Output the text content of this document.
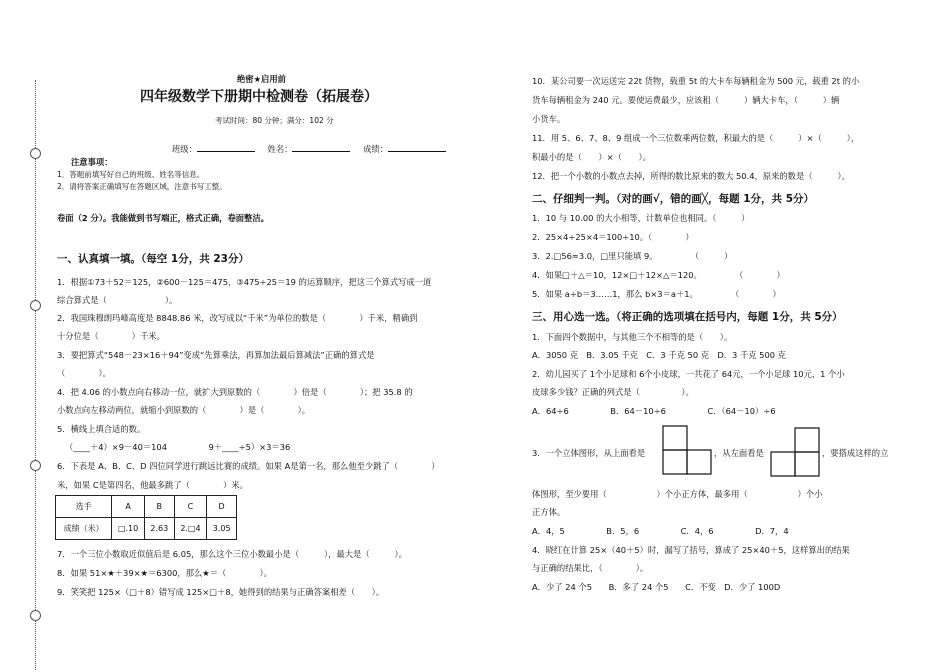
绝密★启用前
四年级数学下册期中检测卷（拓展卷）
考试时间：80 分钟；满分：102 分
班级：	姓名：	成绩：
注意事项：
1．答题前填写好自己的班级、姓名等信息。
2．请将答案正确填写在答题区域，注意书写工整。
卷面（2 分）。我能做到书写端正，格式正确，卷面整洁。
一、认真填一填。（每空 1分，共 23分）
1．根据①73＋52＝125，②600－125＝475，③475÷25＝19 的运算顺序，把这三个算式写成一道
综合算式是（　　　　　　　）。
2．我国珠穆朗玛峰高度是 8848.86 米，改写成以“千米”为单位的数是（　　　　）千米，精确到
十分位是（　　　　）千米。
3．要把算式“548－23×16＋94”变成“先算乘法，再算加法最后算减法”正确的算式是
（　　　　）。
4．把 4.06 的小数点向右移动一位，就扩大到原数的（　　　　）倍是（　　　　）；把 35.8 的
小数点向左移动两位，就缩小到原数的（　　　　）是（　　　　）。
5．横线上填合适的数。
（____＋4）×9－40＝104　　　　　9＋____÷5）×3＝36
6．下表是 A、B、C、D 四位同学进行跳远比赛的成绩。如果 A是第一名，那么他至少跳了（　　　　）
米，如果 C是第四名，他最多跳了（　　　　）米。
选手	A	B	C	D
成绩（米）	□.10	2.63	2.□4	3.05
7．一个三位小数取近似值后是 6.05，那么这个三位小数最小是（　　　），最大是（　　　）。
8．如果 51×★＋39×★＝6300，那么★＝（　　　　）。
9．笑笑把 125×（□＋8）错写成 125×□＋8，她得到的结果与正确答案相差（　　）。
10．某公司要一次运送完 22t 货物，载重 5t 的大卡车每辆租金为 500 元，载重 2t 的小
货车每辆租金为 240 元。要使运费最少，应该租（　　　）辆大卡车，（　　　）辆
小货车。
11．用 5、6、7、8、9 组成一个三位数乘两位数，积最大的是（　　　）×（　　　），
积最小的是（　　）×（　　）。
12．把一个小数的小数点去掉，所得的数比原来的数大 50.4，原来的数是（　　　）。
二、仔细判一判。（对的画√，错的画╳，每题 1分，共 5分）
1．10 与 10.00 的大小相等，计数单位也相同。（　　　）
2．25×4÷25×4＝100÷10。（　　　　）
3．2.□56≈3.0，□里只能填 9。　　　　　（　　　）
4．如果□＋△＝10，12×□＋12×△＝120。　　　　　（　　　　）
5．如果 a÷b＝3……1，那么 b×3＝a＋1。　　　　　（　　　　）
三、用心选一选。（将正确的选项填在括号内，每题 1分，共 5分）
1．下面四个数据中，与其他三个不相等的是（　　）。
A．3050 克　B．3.05 千克　C．3 千克 50 克　D．3 千克 500 克
2．幼儿园买了 1个小足球和 6个小皮球，一共花了 64元，一个小足球 10元，1 个小
皮球多少钱？正确的列式是（　　　　　）。
A．64÷6　　　　　B．64－10÷6　　　　　C．（64－10）÷6
3．一个立体图形，从上面看是	，从左面看是	，要搭成这样的立
体图形，至少要用（　　　　　　）个小正方体，最多用（　　　　　　）个小
正方体。
A．4，5　　　　　B．5，6　　　　　C．4，6　　　　　D．7，4
4．晓红在计算 25×（40＋5）时，漏写了括号，算成了 25×40＋5，这样算出的结果
与正确的结果比，（　　　　）。
A．少了 24 个5　　B．多了 24 个5　　C．不变　D．少了 100D
